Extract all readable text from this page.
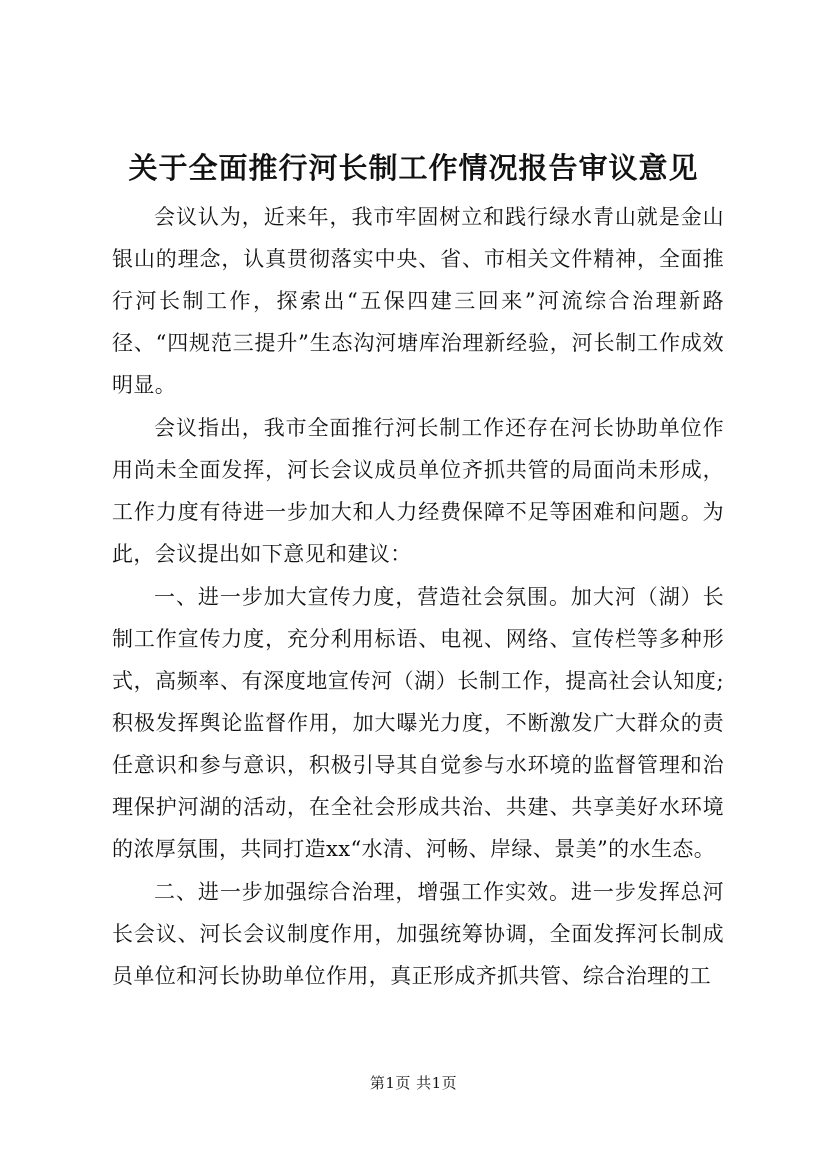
关于全面推行河长制工作情况报告审议意见

会议认为，近来年，我市牢固树立和践行绿水青山就是金山银山的理念，认真贯彻落实中央、省、市相关文件精神，全面推行河长制工作，探索出“五保四建三回来”河流综合治理新路径、“四规范三提升”生态沟河塘库治理新经验，河长制工作成效明显。

会议指出，我市全面推行河长制工作还存在河长协助单位作用尚未全面发挥，河长会议成员单位齐抓共管的局面尚未形成，工作力度有待进一步加大和人力经费保障不足等困难和问题。为此，会议提出如下意见和建议：

一、进一步加大宣传力度，营造社会氛围。加大河（湖）长制工作宣传力度，充分利用标语、电视、网络、宣传栏等多种形式，高频率、有深度地宣传河（湖）长制工作，提高社会认知度;积极发挥舆论监督作用，加大曝光力度，不断激发广大群众的责任意识和参与意识，积极引导其自觉参与水环境的监督管理和治理保护河湖的活动，在全社会形成共治、共建、共享美好水环境的浓厚氛围，共同打造xx“水清、河畅、岸绿、景美”的水生态。

二、进一步加强综合治理，增强工作实效。进一步发挥总河长会议、河长会议制度作用，加强统筹协调，全面发挥河长制成员单位和河长协助单位作用，真正形成齐抓共管、综合治理的工

第1页 共1页
